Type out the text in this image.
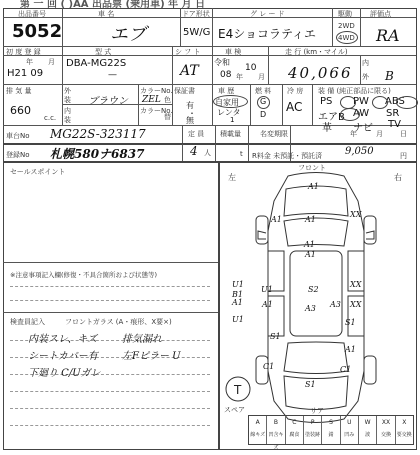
第 一 回 ( )AA 出品票 (乗用車) 年 月 日
出品番号
5052
車 名
エブ
ドア形状
5W/G
グ レ ー ド
E4ショコラティエ
駆動
2WD
4WD
評価点
RA
初 度 登 録
年 月
H21 09
型 式
DBA-MG22S
—
シ フ ト
AT
車 検
令和
08 年
10
月
走 行 (km・マイル)
40,066
内
外 B
排 気 量
660
c.c.
外
装 ブラウン
カラーNo.
ZEL 色
内
装
カラーNo.
替
保証書
有
・
無
車 歴
自家用
レンタ
1
燃 料
G
D
冷 房
AC
装 備 (純正部品に限る)
PS PW ABS
エアB AW SR
革 ナビ TV
車台No MG22S-323117
登録No 札幌580ナ6837
定 員
4 人
積載量
t
名変期限	年	月 日
R料金 未預託・預託済 9,050	円
セールスポイント
※注意事項記入欄(修復・不具合箇所および状態等)
検査員記入	フロントガラス (A・痕形、X要×)
内装スレ、キズ	排気漏れ
シートカバー有 左Fピラー U
下廻り C/Uガレ
フロント
左	右
T
スペア
A1
A1	A1
XX
U1
U1
XX
XX
S1
S1
S1
A3
U1
A1
A1
B1
A1 A1
A1
S2
A3
C1	C1
リア
A
線キズ
B
凹含キズ
C
腐食
P
塗装跡
S
錆
U
凹み
W
波
XX
交換
X
要交換
